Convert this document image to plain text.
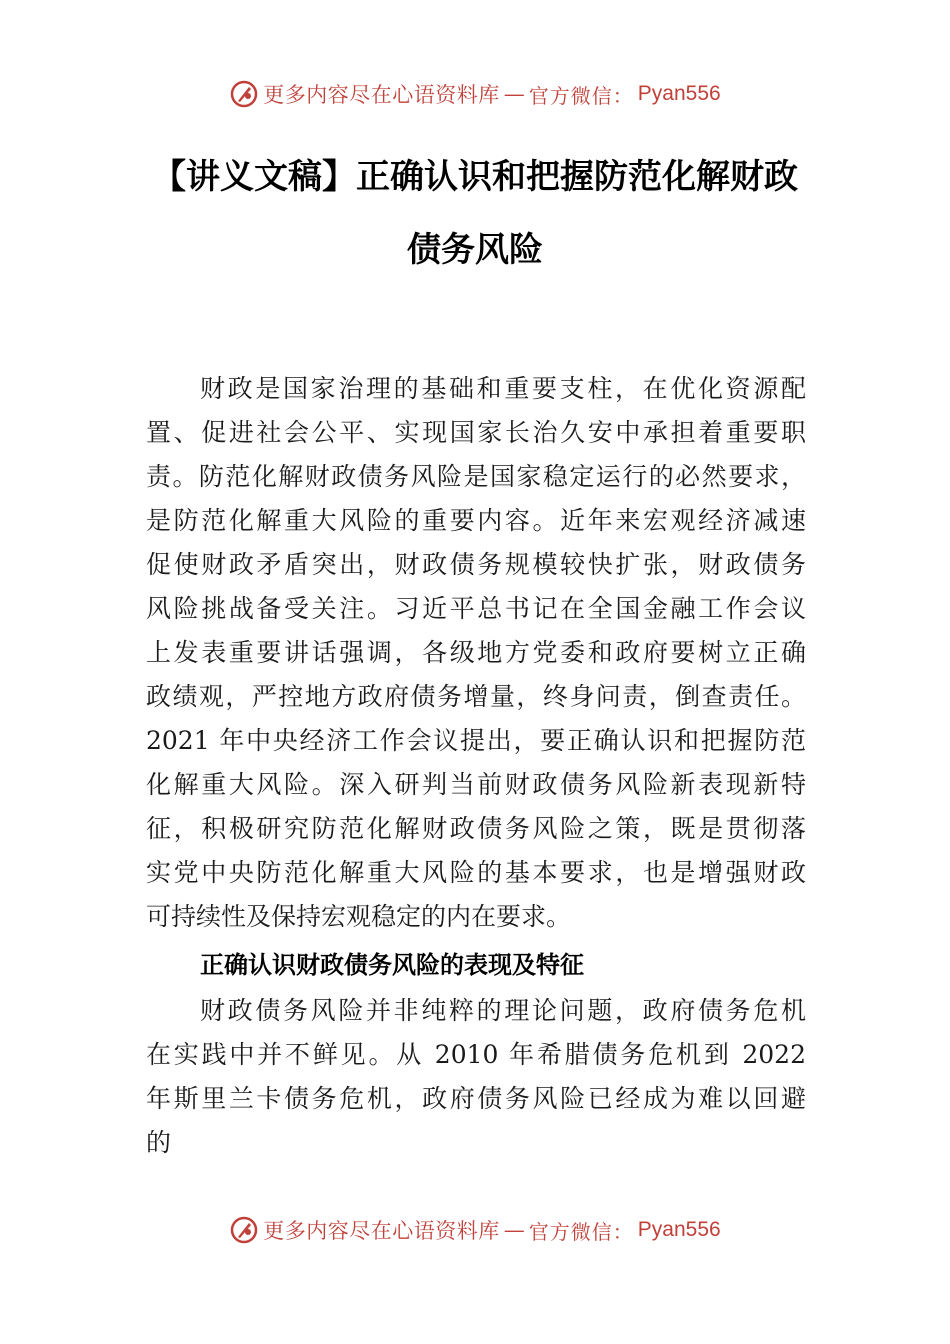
更多内容尽在心语资料库 — 官方微信： Pyan556
【讲义文稿】正确认识和把握防范化解财政
债务风险
财政是国家治理的基础和重要支柱，在优化资源配
置、促进社会公平、实现国家长治久安中承担着重要职
责。防范化解财政债务风险是国家稳定运行的必然要求，
是防范化解重大风险的重要内容。近年来宏观经济减速
促使财政矛盾突出，财政债务规模较快扩张，财政债务
风险挑战备受关注。习近平总书记在全国金融工作会议
上发表重要讲话强调，各级地方党委和政府要树立正确
政绩观，严控地方政府债务增量，终身问责，倒查责任。
2021 年中央经济工作会议提出，要正确认识和把握防范
化解重大风险。深入研判当前财政债务风险新表现新特
征，积极研究防范化解财政债务风险之策，既是贯彻落
实党中央防范化解重大风险的基本要求，也是增强财政
可持续性及保持宏观稳定的内在要求。
正确认识财政债务风险的表现及特征
财政债务风险并非纯粹的理论问题，政府债务危机
在实践中并不鲜见。从 2010 年希腊债务危机到 2022
年斯里兰卡债务危机，政府债务风险已经成为难以回避
的
更多内容尽在心语资料库 — 官方微信： Pyan556
